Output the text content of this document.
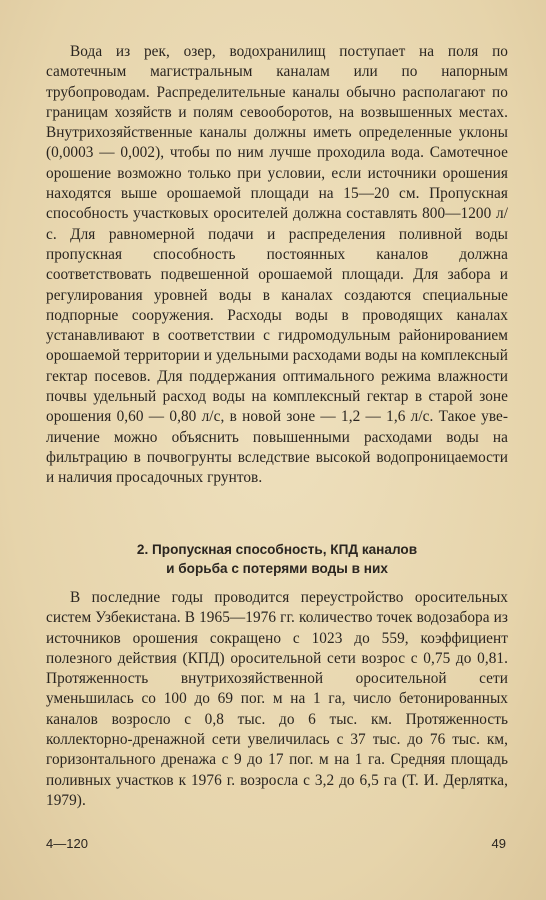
Вода из рек, озер, водохранилищ поступает на поля по самотечным магистральным каналам или по напорным трубопроводам. Распределительные каналы обычно располагают по границам хозяйств и полям севооборотов, на возвышенных местах. Внутрихозяйственные каналы должны иметь определенные уклоны (0,0003 — 0,002), чтобы по ним лучше проходила вода. Самотечное орошение возможно только при условии, если источники орошения находятся выше орошаемой площади на 15—20 см. Пропускная способность участковых оросителей должна составлять 800—1200 л/с. Для равномерной подачи и распределения поливной воды пропускная способность постоянных каналов должна соответствовать подвешенной орошаемой площади. Для забора и регулирования уровней воды в каналах создаются специальные подпорные сооружения. Расходы воды в проводящих каналах устанавливают в соответствии с гидромодульным районированием орошаемой территории и удельными расходами воды на комплексный гектар посевов. Для поддержания оптимального режима влажности почвы удельный расход воды на комплексный гектар в старой зоне орошения 0,60 — 0,80 л/с, в новой зоне — 1,2 — 1,6 л/с. Такое увеличение можно объяснить повышенными расходами воды на фильтрацию в почвогрунты вследствие высокой водопроницаемости и наличия просадочных грунтов.

2. Пропускная способность, КПД каналов

и борьба с потерями воды в них

В последние годы проводится переустройство оросительных систем Узбекистана. В 1965—1976 гг. количество точек водозабора из источников орошения сокращено с 1023 до 559, коэффициент полезного действия (КПД) оросительной сети возрос с 0,75 до 0,81. Протяженность внутрихозяйственной оросительной сети уменьшилась со 100 до 69 пог. м на 1 га, число бетонированных каналов возросло с 0,8 тыс. до 6 тыс. км. Протяженность коллекторно-дренажной сети увеличилась с 37 тыс. до 76 тыс. км, горизонтального дренажа с 9 до 17 пог. м на 1 га. Средняя площадь поливных участков к 1976 г. возросла с 3,2 до 6,5 га (Т. И. Дерлятка, 1979).

4—120	49
